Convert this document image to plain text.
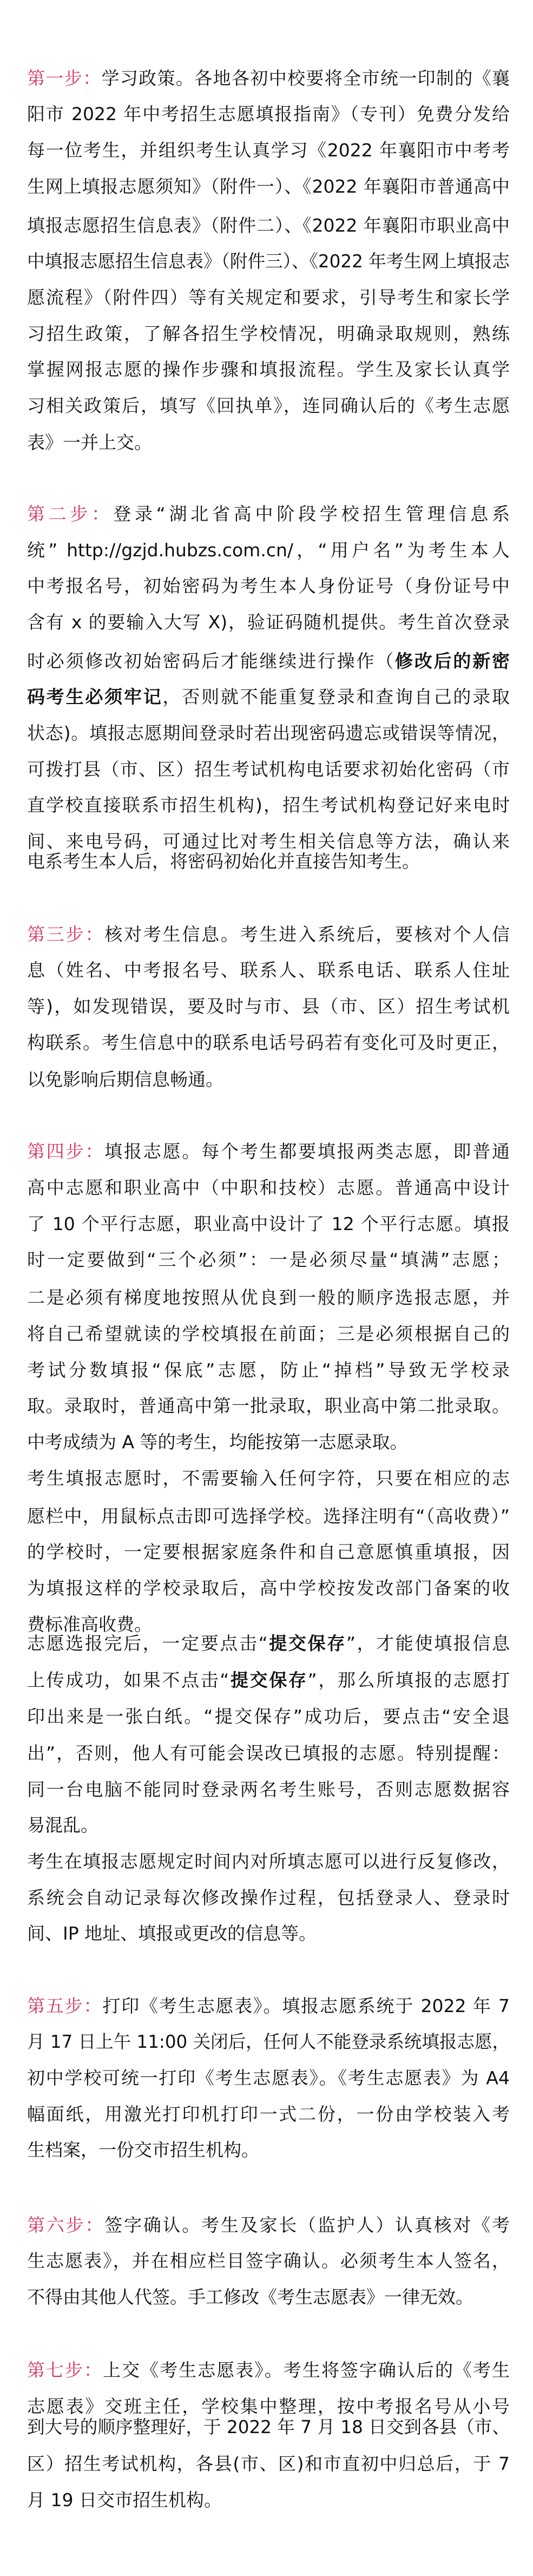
第一步：学习政策。各地各初中校要将全市统一印制的《襄
阳市 2022 年中考招生志愿填报指南》（专刊）免费分发给
每一位考生，并组织考生认真学习《2022 年襄阳市中考考
生网上填报志愿须知》（附件一）、《2022 年襄阳市普通高中
填报志愿招生信息表》（附件二）、《2022 年襄阳市职业高中
中填报志愿招生信息表》（附件三）、《2022 年考生网上填报志
愿流程》（附件四）等有关规定和要求，引导考生和家长学
习招生政策，了解各招生学校情况，明确录取规则，熟练
掌握网报志愿的操作步骤和填报流程。学生及家长认真学
习相关政策后，填写《回执单》，连同确认后的《考生志愿
表》一并上交。
第二步：登录“湖北省高中阶段学校招生管理信息系
统” http://gzjd.hubzs.com.cn/，“用户名”为考生本人
中考报名号，初始密码为考生本人身份证号（身份证号中
含有 x 的要输入大写 X)，验证码随机提供。考生首次登录
时必须修改初始密码后才能继续进行操作（修改后的新密
码考生必须牢记，否则就不能重复登录和查询自己的录取
状态)。填报志愿期间登录时若出现密码遗忘或错误等情况，
可拨打县（市、区）招生考试机构电话要求初始化密码（市
直学校直接联系市招生机构)，招生考试机构登记好来电时
间、来电号码，可通过比对考生相关信息等方法，确认来
电系考生本人后，将密码初始化并直接告知考生。
第三步：核对考生信息。考生进入系统后，要核对个人信
息（姓名、中考报名号、联系人、联系电话、联系人住址
等)，如发现错误，要及时与市、县（市、区）招生考试机
构联系。考生信息中的联系电话号码若有变化可及时更正，
以免影响后期信息畅通。
第四步：填报志愿。每个考生都要填报两类志愿，即普通
高中志愿和职业高中（中职和技校）志愿。普通高中设计
了 10 个平行志愿，职业高中设计了 12 个平行志愿。填报
时一定要做到“三个必须”：一是必须尽量“填满”志愿；
二是必须有梯度地按照从优良到一般的顺序选报志愿，并
将自己希望就读的学校填报在前面；三是必须根据自己的
考试分数填报“保底”志愿，防止“掉档”导致无学校录
取。录取时，普通高中第一批录取，职业高中第二批录取。
中考成绩为 A 等的考生，均能按第一志愿录取。
考生填报志愿时，不需要输入任何字符，只要在相应的志
愿栏中，用鼠标点击即可选择学校。选择注明有“（高收费）”
的学校时，一定要根据家庭条件和自己意愿慎重填报，因
为填报这样的学校录取后，高中学校按发改部门备案的收
费标准高收费。
志愿选报完后，一定要点击“提交保存”，才能使填报信息
上传成功，如果不点击“提交保存”，那么所填报的志愿打
印出来是一张白纸。“提交保存”成功后，要点击“安全退
出”，否则，他人有可能会误改已填报的志愿。特别提醒：
同一台电脑不能同时登录两名考生账号，否则志愿数据容
易混乱。
考生在填报志愿规定时间内对所填志愿可以进行反复修改，
系统会自动记录每次修改操作过程，包括登录人、登录时
间、IP 地址、填报或更改的信息等。
第五步：打印《考生志愿表》。填报志愿系统于 2022 年 7
月 17 日上午 11:00 关闭后，任何人不能登录系统填报志愿，
初中学校可统一打印《考生志愿表》。《考生志愿表》为 A4
幅面纸，用激光打印机打印一式二份，一份由学校装入考
生档案，一份交市招生机构。
第六步：签字确认。考生及家长（监护人）认真核对《考
生志愿表》，并在相应栏目签字确认。必须考生本人签名，
不得由其他人代签。手工修改《考生志愿表》一律无效。
第七步：上交《考生志愿表》。考生将签字确认后的《考生
志愿表》交班主任，学校集中整理，按中考报名号从小号
到大号的顺序整理好，于 2022 年 7 月 18 日交到各县（市、
区）招生考试机构，各县(市、区)和市直初中归总后，于 7
月 19 日交市招生机构。
